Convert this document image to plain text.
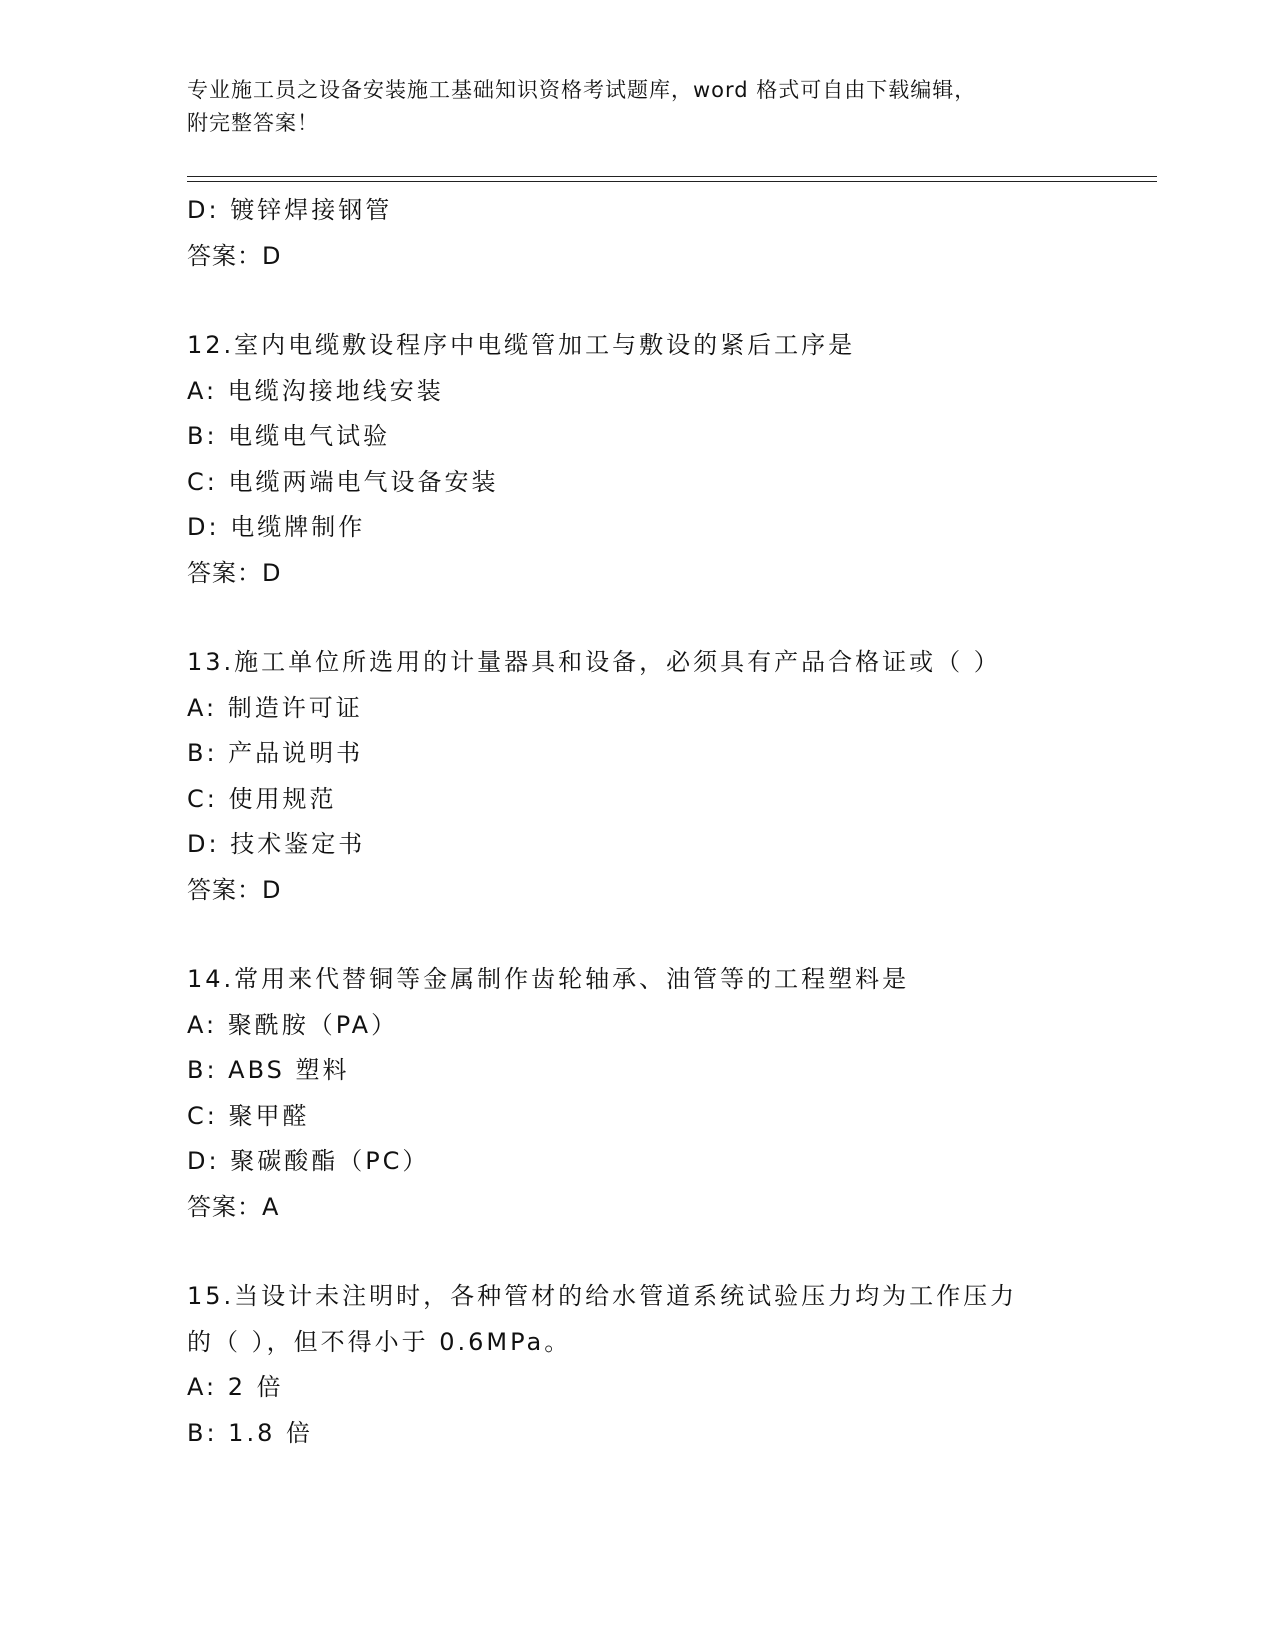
专业施工员之设备安装施工基础知识资格考试题库，word 格式可自由下载编辑，
附完整答案！
D: 镀锌焊接钢管
答案：D
12.室内电缆敷设程序中电缆管加工与敷设的紧后工序是
A: 电缆沟接地线安装
B: 电缆电气试验
C: 电缆两端电气设备安装
D: 电缆牌制作
答案：D
13.施工单位所选用的计量器具和设备，必须具有产品合格证或（ ）
A: 制造许可证
B: 产品说明书
C: 使用规范
D: 技术鉴定书
答案：D
14.常用来代替铜等金属制作齿轮轴承、油管等的工程塑料是
A: 聚酰胺（PA）
B: ABS 塑料
C: 聚甲醛
D: 聚碳酸酯（PC）
答案：A
15.当设计未注明时，各种管材的给水管道系统试验压力均为工作压力
的（ ），但不得小于 0.6MPa。
A: 2 倍
B: 1.8 倍
